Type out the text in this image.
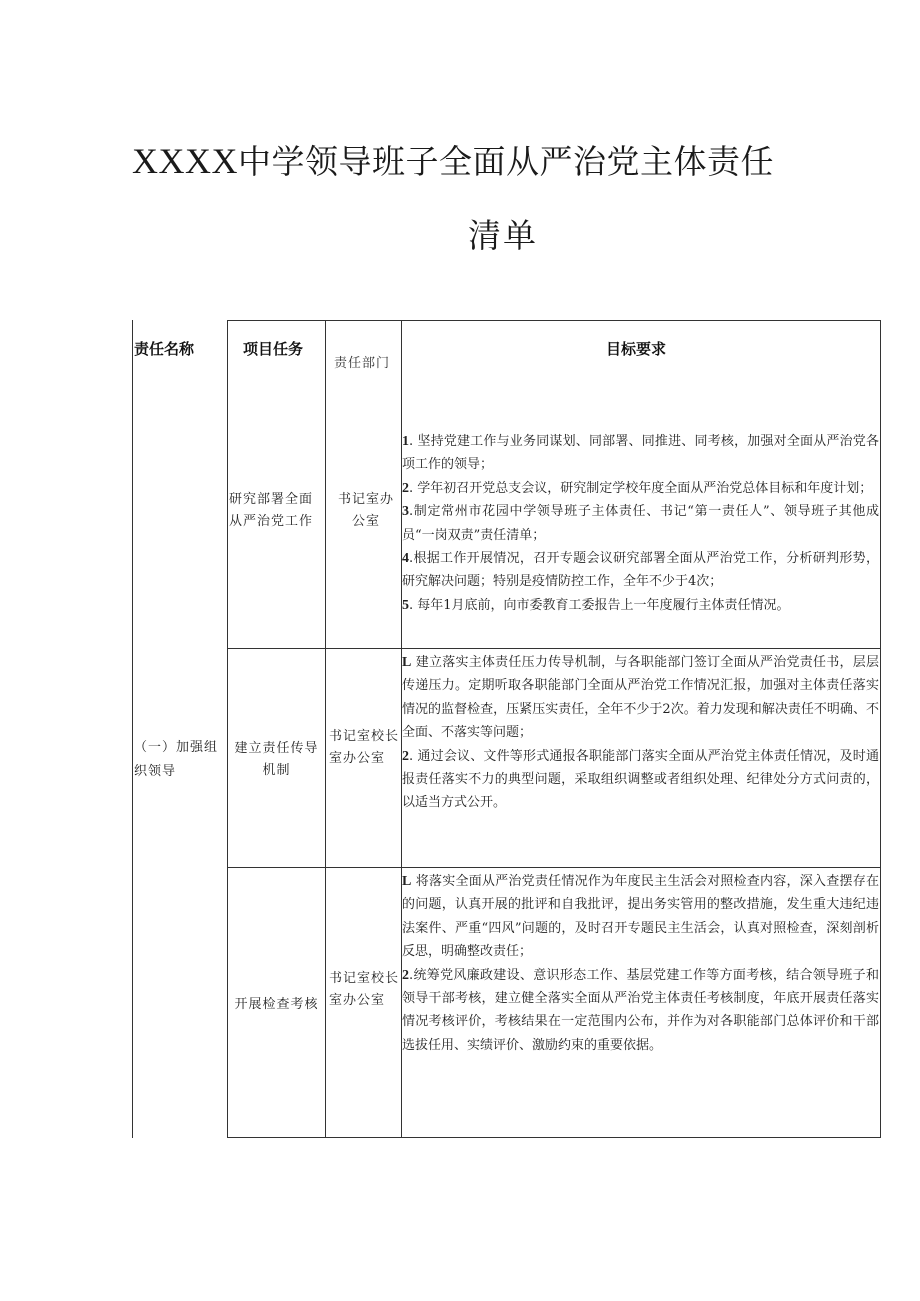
XXXX中学领导班子全面从严治党主体责任
清单
责任名称	项目任务
责任部门
目标要求
（一）加强组织领导
研究部署全面从严治党工作
书记室办公室

1. 坚持党建工作与业务同谋划、同部署、同推进、同考核，加强对全面从严治党各项工作的领导；

2. 学年初召开党总支会议，研究制定学校年度全面从严治党总体目标和年度计划；

3.制定常州市花园中学领导班子主体责任、书记“第一责任人”、领导班子其他成员“一岗双责”责任清单；

4.根据工作开展情况，召开专题会议研究部署全面从严治党工作，分析研判形势，研究解决问题；特别是疫情防控工作，全年不少于4次；

5. 每年1月底前，向市委教育工委报告上一年度履行主体责任情况。

建立责任传导机制
书记室校长室办公室

L 建立落实主体责任压力传导机制，与各职能部门签订全面从严治党责任书，层层传递压力。定期听取各职能部门全面从严治党工作情况汇报，加强对主体责任落实情况的监督检查，压紧压实责任，全年不少于2次。着力发现和解决责任不明确、不全面、不落实等问题；

2. 通过会议、文件等形式通报各职能部门落实全面从严治党主体责任情况，及时通报责任落实不力的典型问题，采取组织调整或者组织处理、纪律处分方式问责的，以适当方式公开。

开展检查考核
书记室校长室办公室

L 将落实全面从严治党责任情况作为年度民主生活会对照检查内容，深入查摆存在的问题，认真开展的批评和自我批评，提出务实管用的整改措施，发生重大违纪违法案件、严重“四风”问题的，及时召开专题民主生活会，认真对照检查，深刻剖析反思，明确整改责任；

2.统筹党风廉政建设、意识形态工作、基层党建工作等方面考核，结合领导班子和领导干部考核，建立健全落实全面从严治党主体责任考核制度，年底开展责任落实情况考核评价，考核结果在一定范围内公布，并作为对各职能部门总体评价和干部选拔任用、实绩评价、激励约束的重要依据。
